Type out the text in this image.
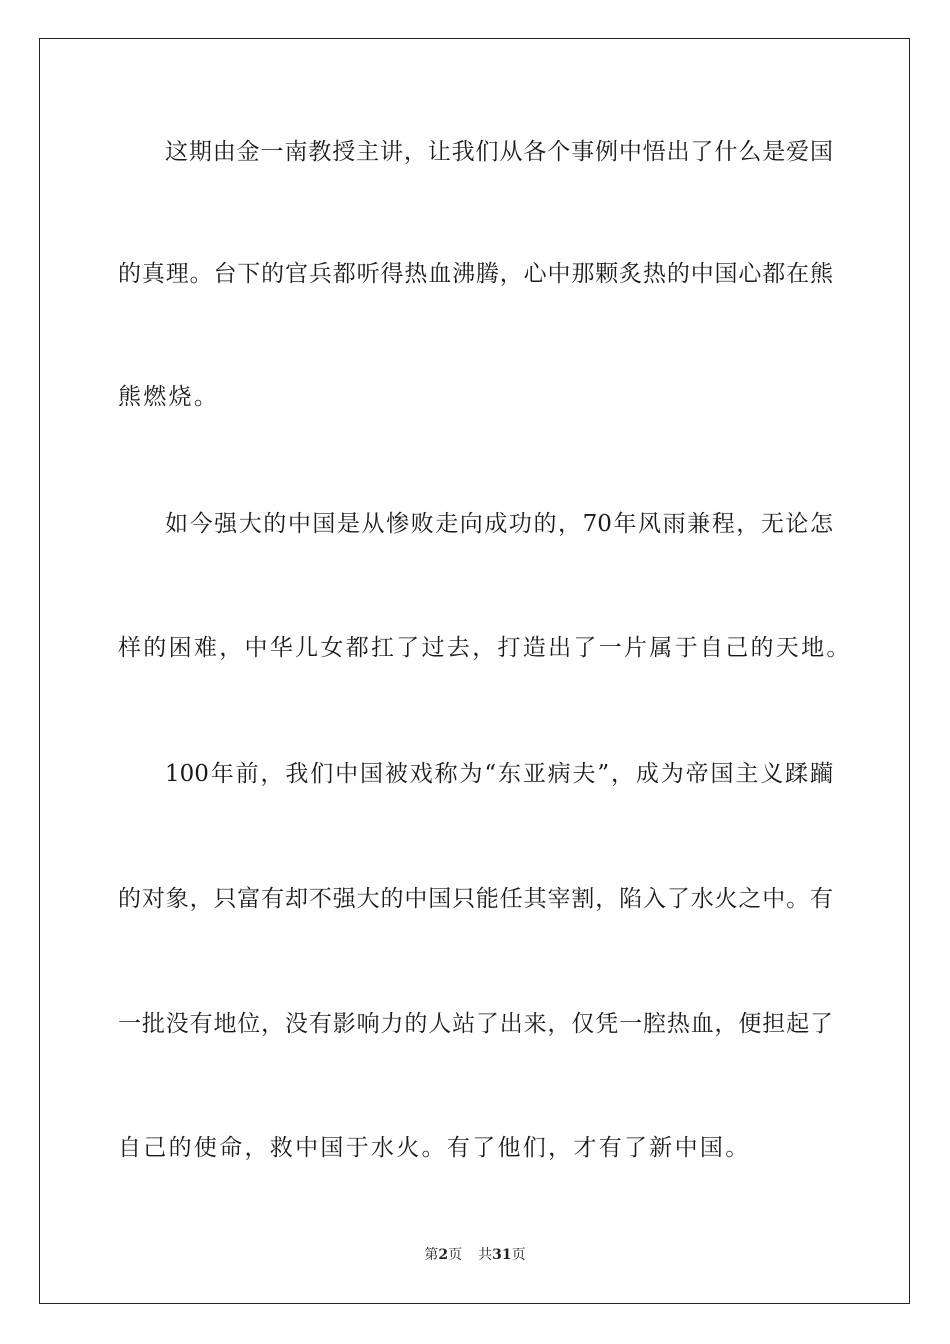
这期由金一南教授主讲，让我们从各个事例中悟出了什么是爱国
的真理。台下的官兵都听得热血沸腾，心中那颗炙热的中国心都在熊
熊燃烧。
如今强大的中国是从惨败走向成功的，70年风雨兼程，无论怎
样的困难，中华儿女都扛了过去，打造出了一片属于自己的天地。
100年前，我们中国被戏称为“东亚病夫”，成为帝国主义蹂躏
的对象，只富有却不强大的中国只能任其宰割，陷入了水火之中。有
一批没有地位，没有影响力的人站了出来，仅凭一腔热血，便担起了
自己的使命，救中国于水火。有了他们，才有了新中国。
第2页 共31页
